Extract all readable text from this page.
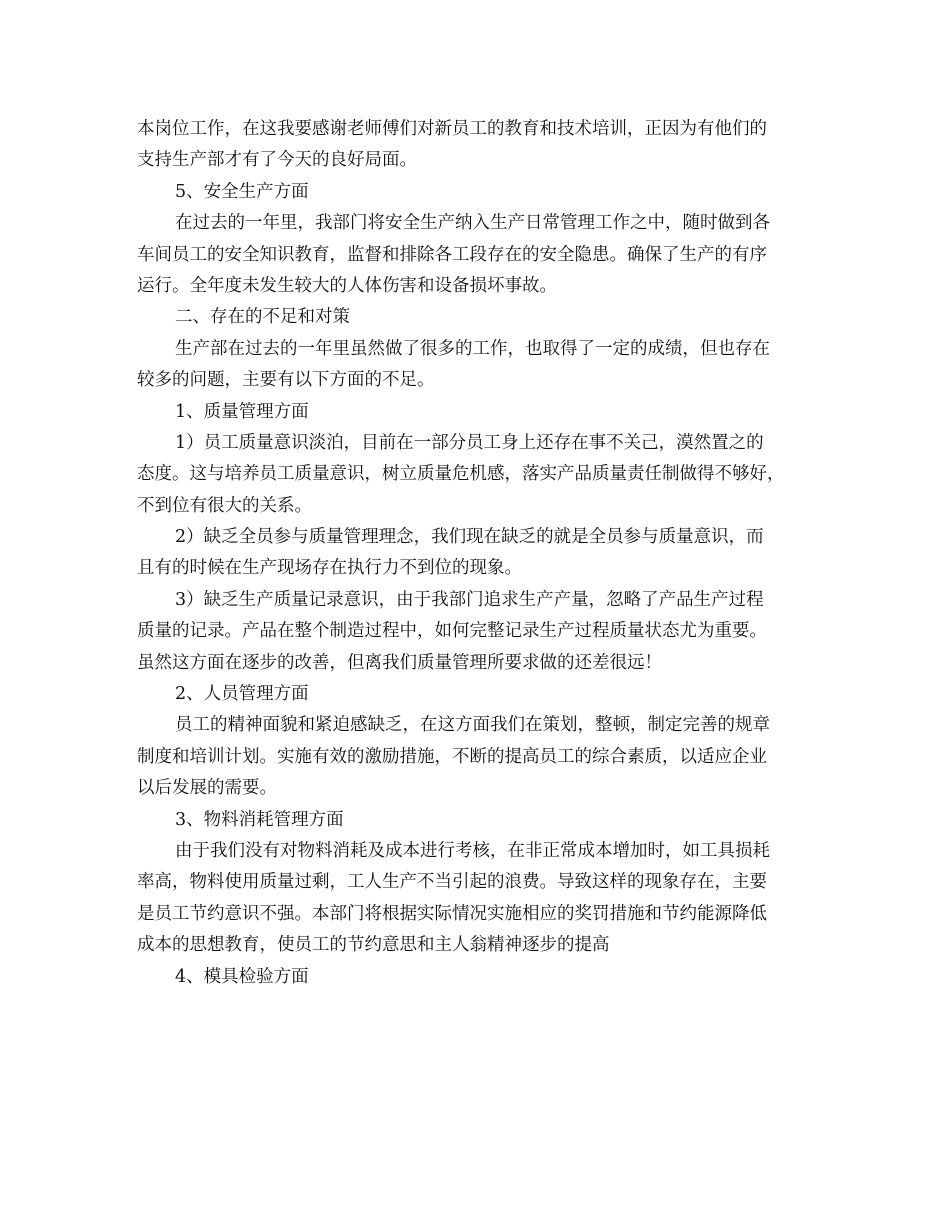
本岗位工作，在这我要感谢老师傅们对新员工的教育和技术培训，正因为有他们的
支持生产部才有了今天的良好局面。
5、安全生产方面
在过去的一年里，我部门将安全生产纳入生产日常管理工作之中，随时做到各
车间员工的安全知识教育，监督和排除各工段存在的安全隐患。确保了生产的有序
运行。全年度未发生较大的人体伤害和设备损坏事故。
二、存在的不足和对策
生产部在过去的一年里虽然做了很多的工作，也取得了一定的成绩，但也存在
较多的问题，主要有以下方面的不足。
1、质量管理方面
1）员工质量意识淡泊，目前在一部分员工身上还存在事不关己，漠然置之的
态度。这与培养员工质量意识，树立质量危机感，落实产品质量责任制做得不够好，
不到位有很大的关系。
2）缺乏全员参与质量管理理念，我们现在缺乏的就是全员参与质量意识，而
且有的时候在生产现场存在执行力不到位的现象。
3）缺乏生产质量记录意识，由于我部门追求生产产量，忽略了产品生产过程
质量的记录。产品在整个制造过程中，如何完整记录生产过程质量状态尤为重要。
虽然这方面在逐步的改善，但离我们质量管理所要求做的还差很远！
2、人员管理方面
员工的精神面貌和紧迫感缺乏，在这方面我们在策划，整顿，制定完善的规章
制度和培训计划。实施有效的激励措施，不断的提高员工的综合素质，以适应企业
以后发展的需要。
3、物料消耗管理方面
由于我们没有对物料消耗及成本进行考核，在非正常成本增加时，如工具损耗
率高，物料使用质量过剩，工人生产不当引起的浪费。导致这样的现象存在，主要
是员工节约意识不强。本部门将根据实际情况实施相应的奖罚措施和节约能源降低
成本的思想教育，使员工的节约意思和主人翁精神逐步的提高
4、模具检验方面
